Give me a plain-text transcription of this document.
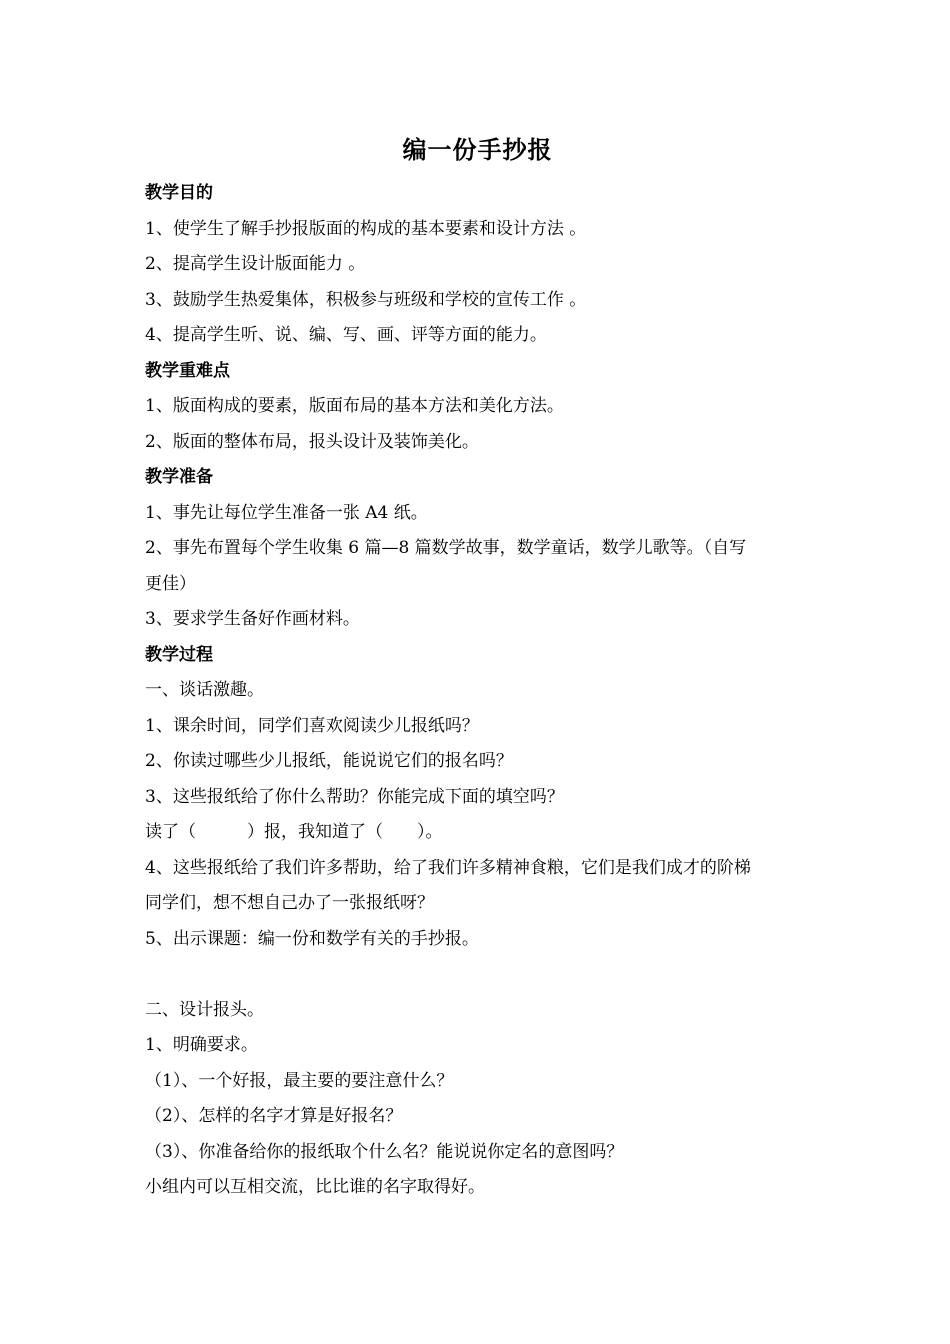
编一份手抄报
教学目的
1、使学生了解手抄报版面的构成的基本要素和设计方法 。
2、提高学生设计版面能力 。
3、鼓励学生热爱集体，积极参与班级和学校的宣传工作 。
4、提高学生听、说、编、写、画、评等方面的能力。
教学重难点
1、版面构成的要素，版面布局的基本方法和美化方法。
2、版面的整体布局，报头设计及装饰美化。
教学准备
1、事先让每位学生准备一张 A4 纸。
2、事先布置每个学生收集 6 篇—8 篇数学故事，数学童话，数学儿歌等。（自写
更佳）
3、要求学生备好作画材料。
教学过程
一、谈话激趣。
1、课余时间，同学们喜欢阅读少儿报纸吗？
2、你读过哪些少儿报纸，能说说它们的报名吗？
3、这些报纸给了你什么帮助？你能完成下面的填空吗？
读了（　　　）报，我知道了（　　）。
4、这些报纸给了我们许多帮助，给了我们许多精神食粮，它们是我们成才的阶梯
同学们，想不想自己办了一张报纸呀？
5、出示课题：编一份和数学有关的手抄报。
二、设计报头。
1、明确要求。
（1）、一个好报，最主要的要注意什么？
（2）、怎样的名字才算是好报名？
（3）、你准备给你的报纸取个什么名？能说说你定名的意图吗？
小组内可以互相交流，比比谁的名字取得好。
